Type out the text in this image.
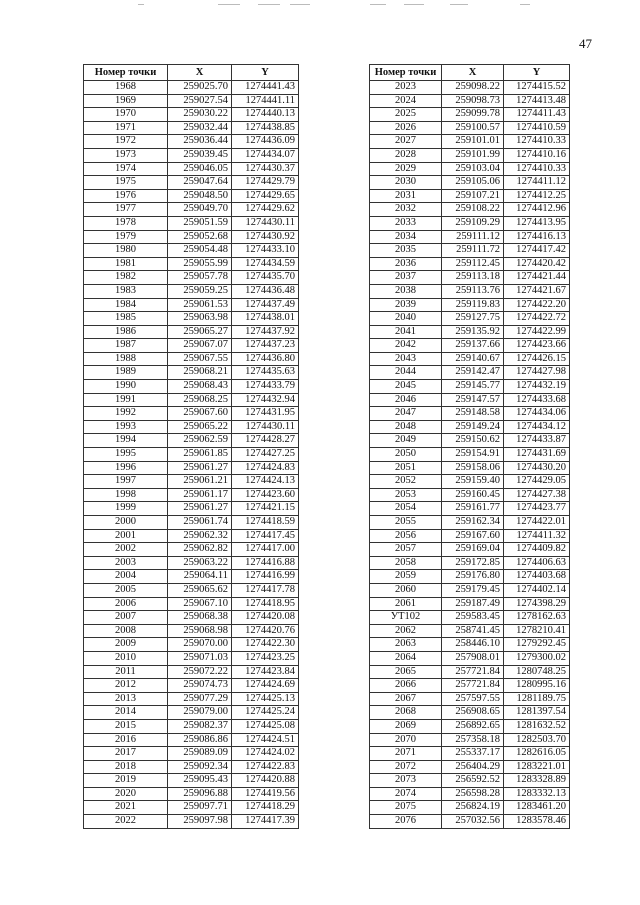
47
Номер точки	X	Y
1968	259025.70	1274441.43
1969	259027.54	1274441.11
1970	259030.22	1274440.13
1971	259032.44	1274438.85
1972	259036.44	1274436.09
1973	259039.45	1274434.07
1974	259046.05	1274430.37
1975	259047.64	1274429.79
1976	259048.50	1274429.65
1977	259049.70	1274429.62
1978	259051.59	1274430.11
1979	259052.68	1274430.92
1980	259054.48	1274433.10
1981	259055.99	1274434.59
1982	259057.78	1274435.70
1983	259059.25	1274436.48
1984	259061.53	1274437.49
1985	259063.98	1274438.01
1986	259065.27	1274437.92
1987	259067.07	1274437.23
1988	259067.55	1274436.80
1989	259068.21	1274435.63
1990	259068.43	1274433.79
1991	259068.25	1274432.94
1992	259067.60	1274431.95
1993	259065.22	1274430.11
1994	259062.59	1274428.27
1995	259061.85	1274427.25
1996	259061.27	1274424.83
1997	259061.21	1274424.13
1998	259061.17	1274423.60
1999	259061.27	1274421.15
2000	259061.74	1274418.59
2001	259062.32	1274417.45
2002	259062.82	1274417.00
2003	259063.22	1274416.88
2004	259064.11	1274416.99
2005	259065.62	1274417.78
2006	259067.10	1274418.95
2007	259068.38	1274420.08
2008	259068.98	1274420.76
2009	259070.00	1274422.30
2010	259071.03	1274423.25
2011	259072.22	1274423.84
2012	259074.73	1274424.69
2013	259077.29	1274425.13
2014	259079.00	1274425.24
2015	259082.37	1274425.08
2016	259086.86	1274424.51
2017	259089.09	1274424.02
2018	259092.34	1274422.83
2019	259095.43	1274420.88
2020	259096.88	1274419.56
2021	259097.71	1274418.29
2022	259097.98	1274417.39
Номер точки	X	Y
2023	259098.22	1274415.52
2024	259098.73	1274413.48
2025	259099.78	1274411.43
2026	259100.57	1274410.59
2027	259101.01	1274410.33
2028	259101.99	1274410.16
2029	259103.04	1274410.33
2030	259105.06	1274411.12
2031	259107.21	1274412.25
2032	259108.22	1274412.96
2033	259109.29	1274413.95
2034	259111.12	1274416.13
2035	259111.72	1274417.42
2036	259112.45	1274420.42
2037	259113.18	1274421.44
2038	259113.76	1274421.67
2039	259119.83	1274422.20
2040	259127.75	1274422.72
2041	259135.92	1274422.99
2042	259137.66	1274423.66
2043	259140.67	1274426.15
2044	259142.47	1274427.98
2045	259145.77	1274432.19
2046	259147.57	1274433.68
2047	259148.58	1274434.06
2048	259149.24	1274434.12
2049	259150.62	1274433.87
2050	259154.91	1274431.69
2051	259158.06	1274430.20
2052	259159.40	1274429.05
2053	259160.45	1274427.38
2054	259161.77	1274423.77
2055	259162.34	1274422.01
2056	259167.60	1274411.32
2057	259169.04	1274409.82
2058	259172.85	1274406.63
2059	259176.80	1274403.68
2060	259179.45	1274402.14
2061	259187.49	1274398.29
УТ102	259583.45	1278162.63
2062	258741.45	1278210.41
2063	258446.10	1279292.45
2064	257908.01	1279300.02
2065	257721.84	1280748.25
2066	257721.84	1280995.16
2067	257597.55	1281189.75
2068	256908.65	1281397.54
2069	256892.65	1281632.52
2070	257358.18	1282503.70
2071	255337.17	1282616.05
2072	256404.29	1283221.01
2073	256592.52	1283328.89
2074	256598.28	1283332.13
2075	256824.19	1283461.20
2076	257032.56	1283578.46
